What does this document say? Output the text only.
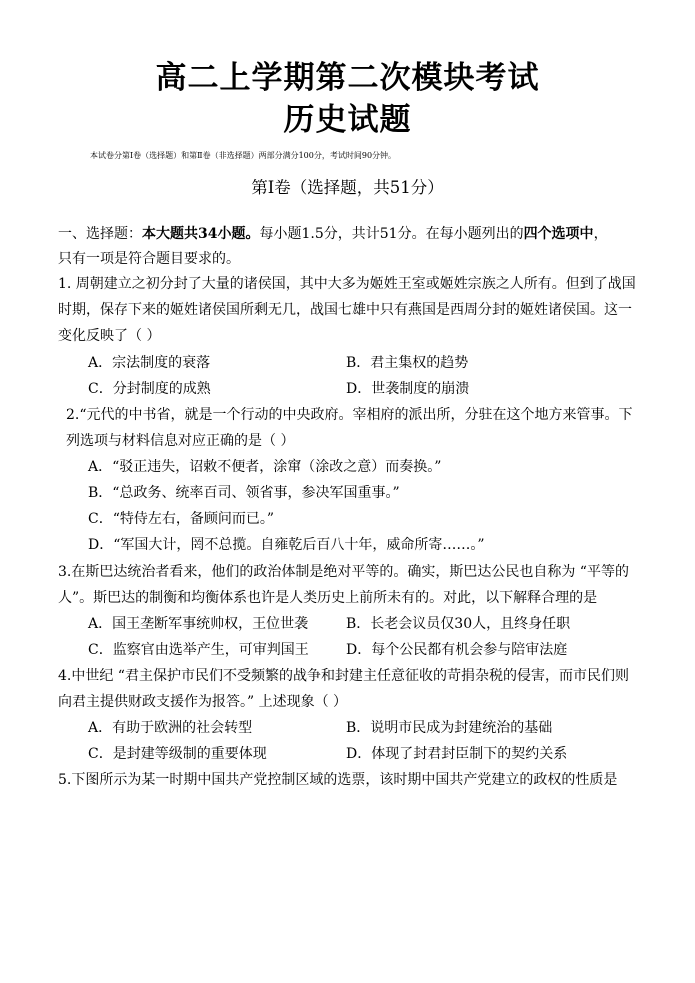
高二上学期第二次模块考试
历史试题
本试卷分第Ⅰ卷（选择题）和第Ⅱ卷（非选择题）两部分满分100分，考试时间90分钟。
第Ⅰ卷（选择题，共51分）
一、选择题：本大题共34小题。每小题1.5分，共计51分。在每小题列出的四个选项中，
只有一项是符合题目要求的。
1. 周朝建立之初分封了大量的诸侯国，其中大多为姬姓王室或姬姓宗族之人所有。但到了战国
时期，保存下来的姬姓诸侯国所剩无几，战国七雄中只有燕国是西周分封的姬姓诸侯国。这一
变化反映了（ ）
A．宗法制度的衰落	B．君主集权的趋势
C．分封制度的成熟	D．世袭制度的崩溃
2.“元代的中书省，就是一个行动的中央政府。宰相府的派出所，分驻在这个地方来管事。下
列选项与材料信息对应正确的是（ ）
A．“驳正违失，诏敕不便者，涂窜（涂改之意）而奏换。”
B．“总政务、统率百司、领省事，参决军国重事。”
C．“特侍左右，备顾问而已。”
D．“军国大计，罔不总揽。自雍乾后百八十年，威命所寄……。”
3.在斯巴达统治者看来，他们的政治体制是绝对平等的。确实，斯巴达公民也自称为 “平等的
人”。斯巴达的制衡和均衡体系也许是人类历史上前所未有的。对此，以下解释合理的是
A．国王垄断军事统帅权，王位世袭	B．长老会议员仅30人，且终身任职
C．监察官由选举产生，可审判国王	D．每个公民都有机会参与陪审法庭
4.中世纪 “君主保护市民们不受频繁的战争和封建主任意征收的苛捐杂税的侵害，而市民们则
向君主提供财政支援作为报答。” 上述现象（ ）
A．有助于欧洲的社会转型	B．说明市民成为封建统治的基础
C．是封建等级制的重要体现	D．体现了封君封臣制下的契约关系
5.下图所示为某一时期中国共产党控制区域的选票，该时期中国共产党建立的政权的性质是
